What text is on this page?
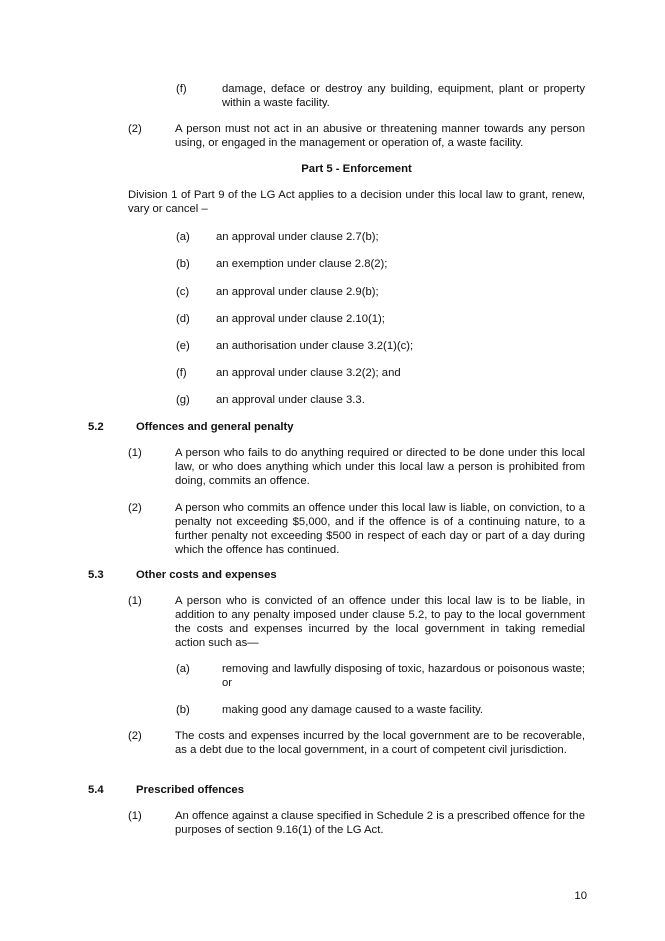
(f)	damage, deface or destroy any building, equipment, plant or property within a waste facility.
(2)	A person must not act in an abusive or threatening manner towards any person using, or engaged in the management or operation of, a waste facility.
Part 5 - Enforcement
Division 1 of Part 9 of the LG Act applies to a decision under this local law to grant, renew, vary or cancel –
(a) an approval under clause 2.7(b);
(b) an exemption under clause 2.8(2);
(c) an approval under clause 2.9(b);
(d) an approval under clause 2.10(1);
(e) an authorisation under clause 3.2(1)(c);
(f)	an approval under clause 3.2(2); and
(g) an approval under clause 3.3.
5.2	Offences and general penalty
(1)	A person who fails to do anything required or directed to be done under this local law, or who does anything which under this local law a person is prohibited from doing, commits an offence.
(2)	A person who commits an offence under this local law is liable, on conviction, to a penalty not exceeding $5,000, and if the offence is of a continuing nature, to a further penalty not exceeding $500 in respect of each day or part of a day during which the offence has continued.
5.3	Other costs and expenses
(1)	A person who is convicted of an offence under this local law is to be liable, in addition to any penalty imposed under clause 5.2, to pay to the local government the costs and expenses incurred by the local government in taking remedial action such as—
(a)	removing and lawfully disposing of toxic, hazardous or poisonous waste; or
(b)	making good any damage caused to a waste facility.
(2)	The costs and expenses incurred by the local government are to be recoverable, as a debt due to the local government, in a court of competent civil jurisdiction.
5.4	Prescribed offences
(1)	An offence against a clause specified in Schedule 2 is a prescribed offence for the purposes of section 9.16(1) of the LG Act.
10
